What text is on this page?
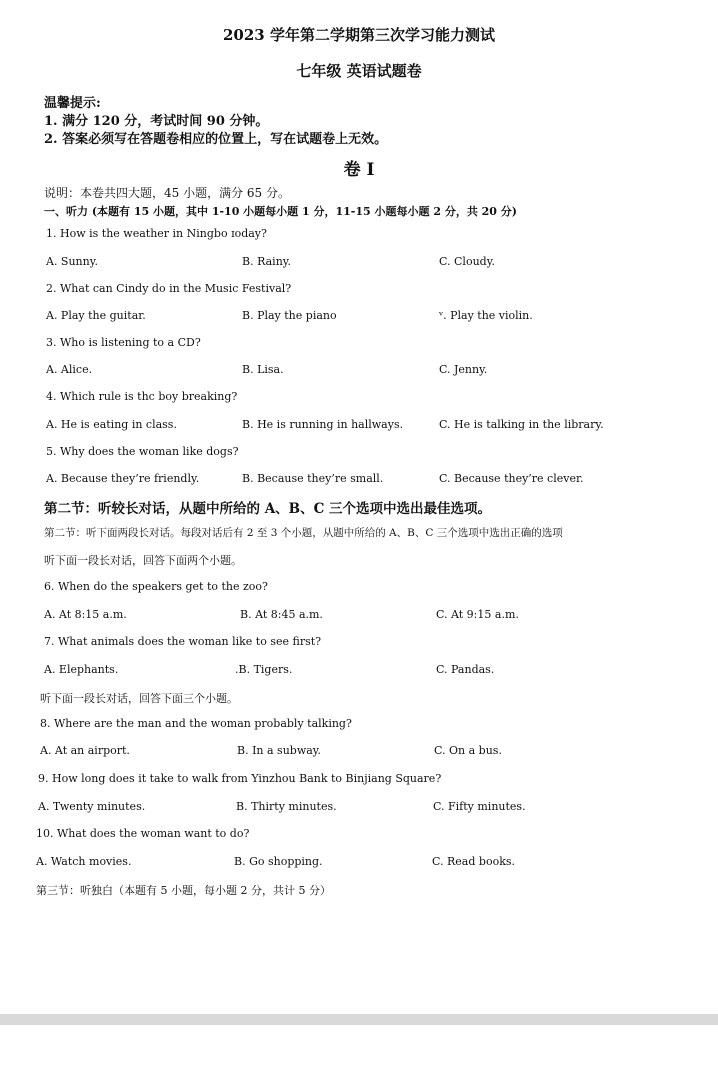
2023 学年第二学期第三次学习能力测试
七年级 英语试题卷
温馨提示:
1. 满分 120 分，考试时间 90 分钟。
2. 答案必须写在答题卷相应的位置上，写在试题卷上无效。
卷 I
说明：本卷共四大题，45 小题，满分 65 分。
一、听力 (本题有 15 小题，其中 1-10 小题每小题 1 分，11-15 小题每小题 2 分，共 20 分)
1. How is the weather in Ningbo ɪoday?
A. Sunny.	B. Rainy.	C. Cloudy.
2. What can Cindy do in the Music Festival?
A. Play the guitar.	B. Play the piano	ᵛ. Play the violin.
3. Who is listening to a CD?
A. Alice.	B. Lisa.	C. Jenny.
4. Which rule is thc boy breaking?
A. He is eating in class.	B. He is running in hallways.	C. He is talking in the library.
5. Why does the woman like dogs?
A. Because they’re friendly.	B. Because they’re small.	C. Because they’re clever.
第二节：听较长对话，从题中所给的 A、B、C 三个选项中选出最佳选项。
第二节：听下面两段长对话。每段对话后有 2 至 3 个小题，从题中所给的 A、B、C 三个选项中选出正确的选项
听下面一段长对话，回答下面两个小题。
6. When do the speakers get to the zoo?
A. At 8:15 a.m.	B. At 8:45 a.m.	C. At 9:15 a.m.
7. What animals does the woman like to see first?
A. Elephants.	.B. Tigers.	C. Pandas.
听下面一段长对话，回答下面三个小题。
8. Where are the man and the woman probably talking?
A. At an airport.	B. In a subway.	C. On a bus.
9. How long does it take to walk from Yinzhou Bank to Binjiang Square?
A. Twenty minutes.	B. Thirty minutes.	C. Fifty minutes.
10. What does the woman want to do?
A. Watch movies.	B. Go shopping.	C. Read books.
第三节：听独白（本题有 5 小题，每小题 2 分，共计 5 分）
